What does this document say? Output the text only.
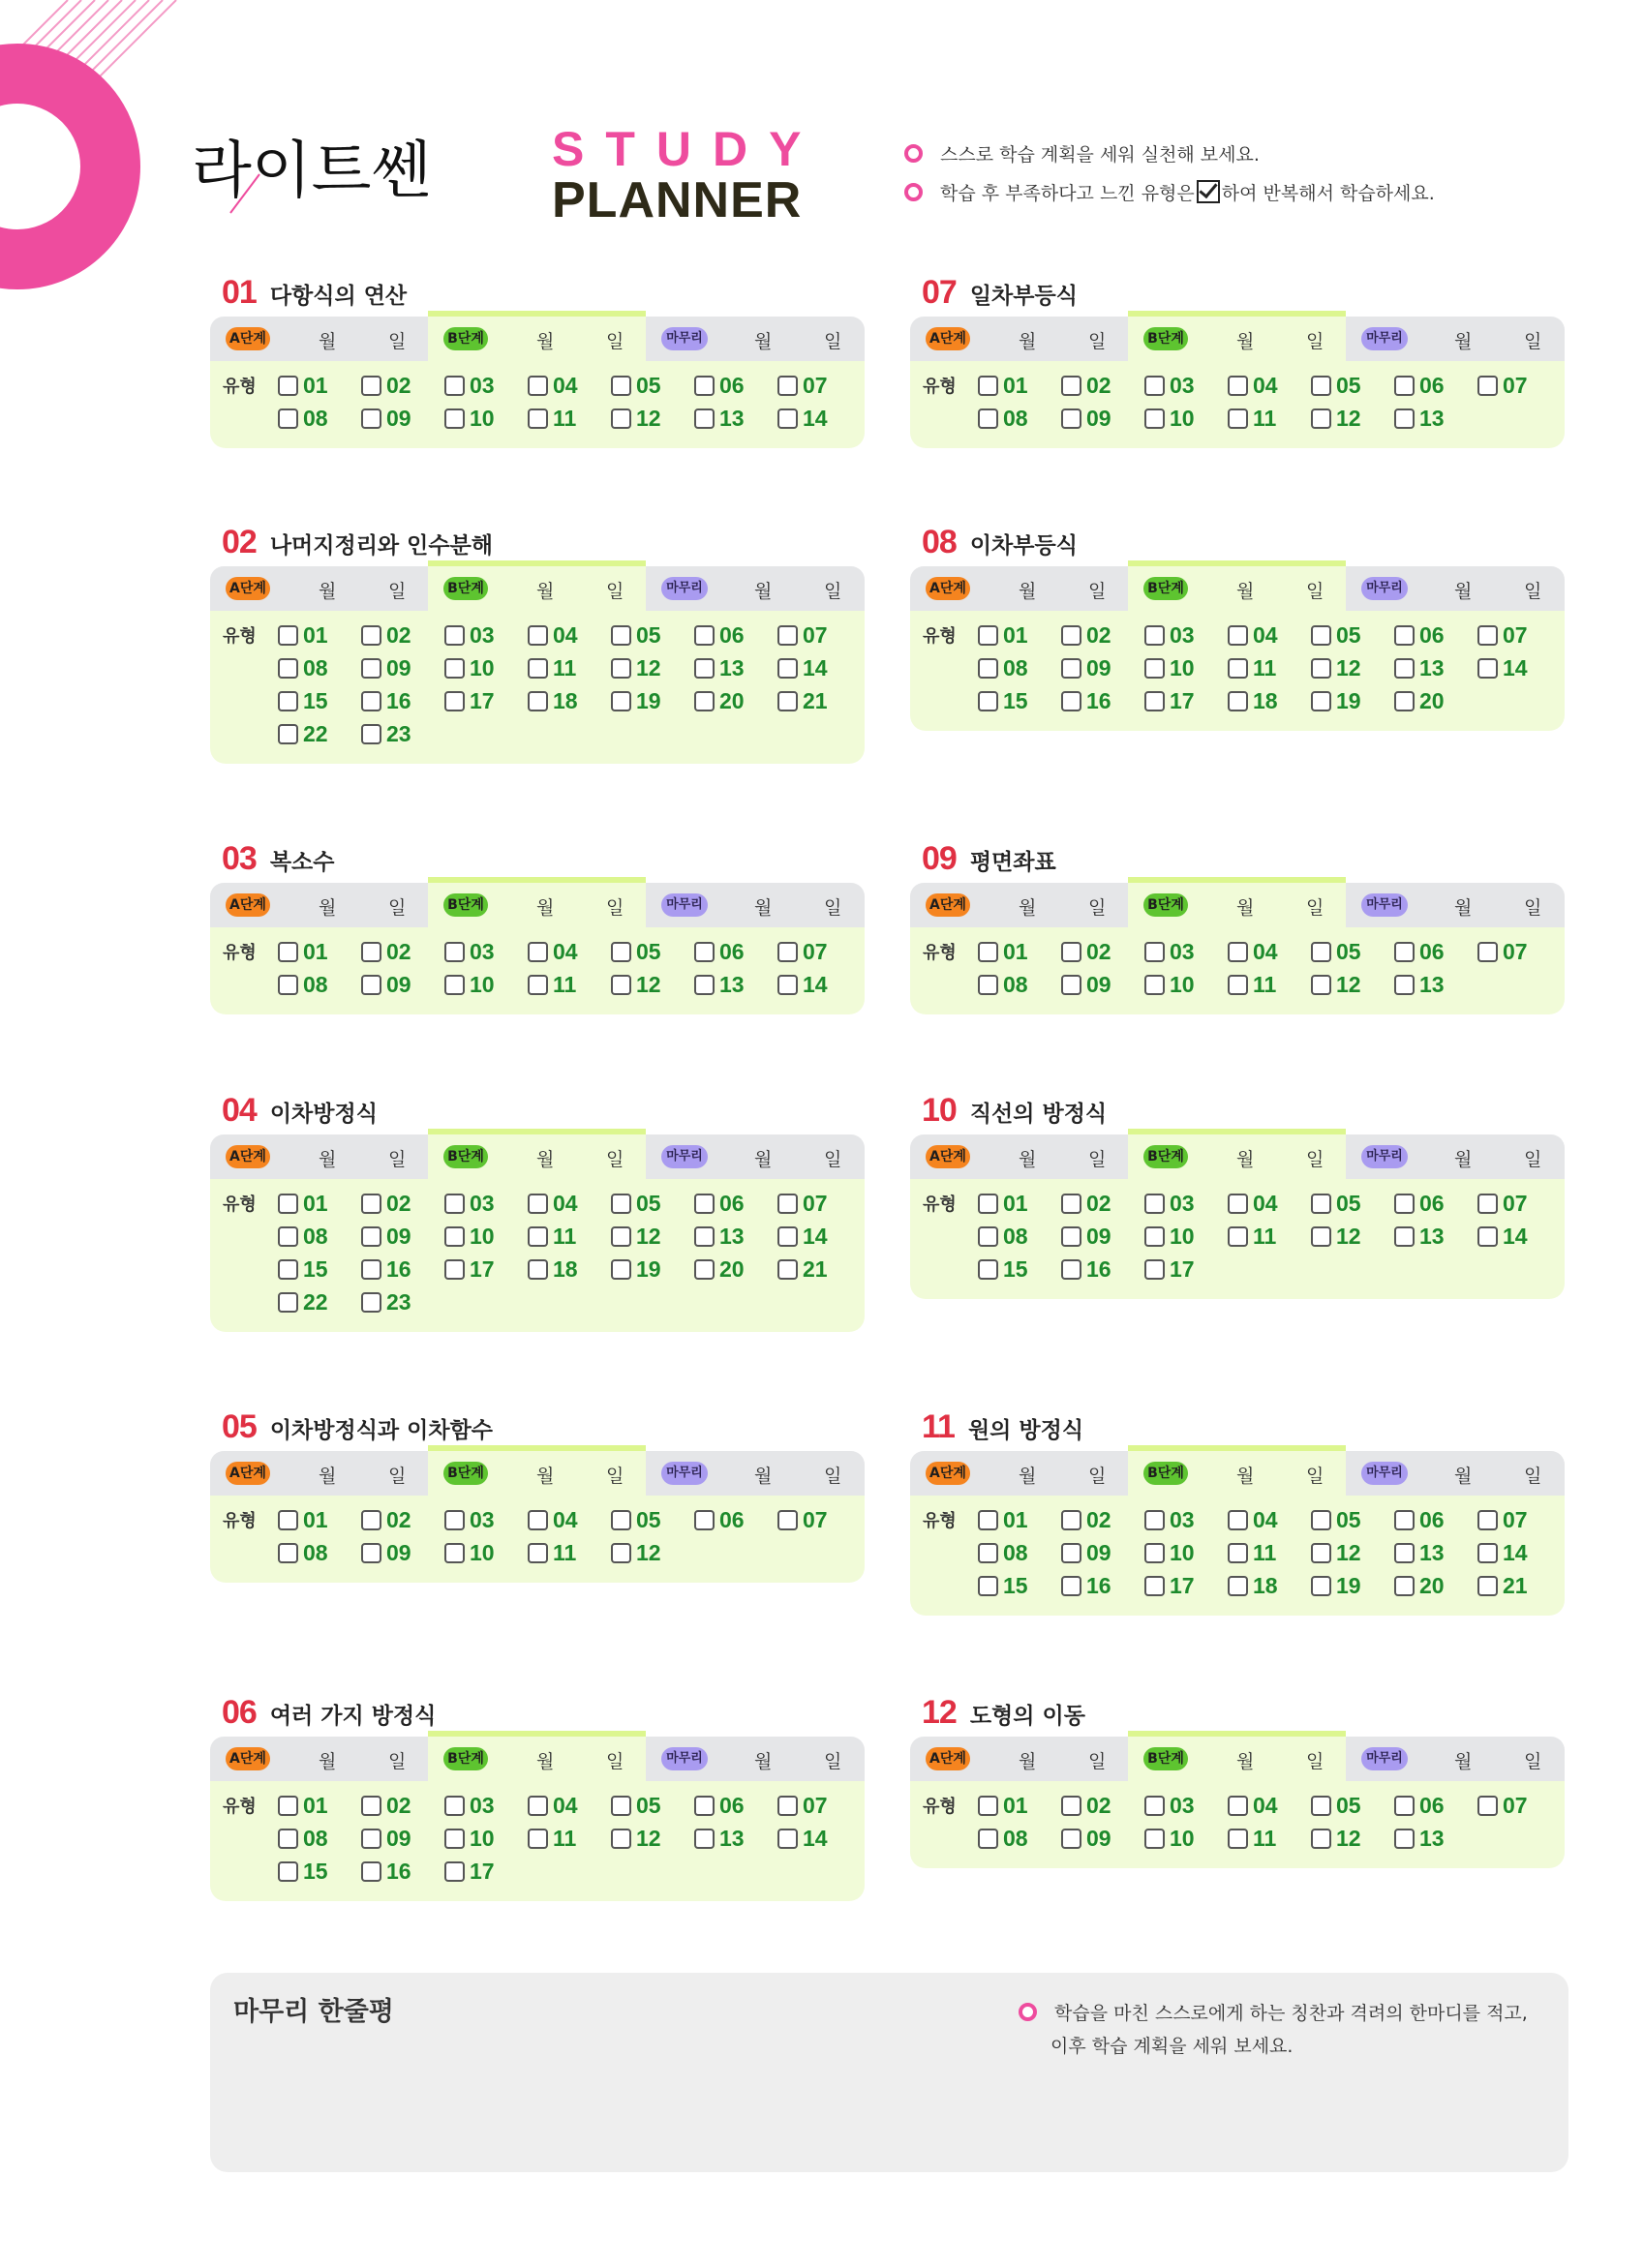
라이트쎈 STUDY
PLANNER
스스로 학습 계획을 세워 실천해 보세요.
학습 후 부족하다고 느낀 유형은 하여 반복해서 학습하세요.
01 다항식의 연산
A단계	월	일	B단계	월	일	마무리	월	일
유형 01	02	03	04	05	06	07
08	09	10	11	12	13	14
07 일차부등식
A단계	월	일	B단계	월	일	마무리	월	일
유형 01	02	03	04	05	06	07
08	09	10	11	12	13
02 나머지정리와 인수분해
A단계	월	일	B단계	월	일	마무리	월	일
유형 01	02	03	04	05	06	07
08	09	10	11	12	13	14
15	16	17	18	19	20	21
22	23
08 이차부등식
A단계	월	일	B단계	월	일	마무리	월	일
유형 01	02	03	04	05	06	07
08	09	10	11	12	13	14
15	16	17	18	19	20
03 복소수
A단계	월	일	B단계	월	일	마무리	월	일
유형 01	02	03	04	05	06	07
08	09	10	11	12	13	14
09 평면좌표
A단계	월	일	B단계	월	일	마무리	월	일
유형 01	02	03	04	05	06	07
08	09	10	11	12	13
04 이차방정식
A단계	월	일	B단계	월	일	마무리	월	일
유형 01	02	03	04	05	06	07
08	09	10	11	12	13	14
15	16	17	18	19	20	21
22	23
10 직선의 방정식
A단계	월	일	B단계	월	일	마무리	월	일
유형 01	02	03	04	05	06	07
08	09	10	11	12	13	14
15	16	17
05 이차방정식과 이차함수
A단계	월	일	B단계	월	일	마무리	월	일
유형 01	02	03	04	05	06	07
08	09	10	11	12
11 원의 방정식
A단계	월	일	B단계	월	일	마무리	월	일
유형 01	02	03	04	05	06	07
08	09	10	11	12	13	14
15	16	17	18	19	20	21
06 여러 가지 방정식
A단계	월	일	B단계	월	일	마무리	월	일
유형 01	02	03	04	05	06	07
08	09	10	11	12	13	14
15	16	17
12 도형의 이동
A단계	월	일	B단계	월	일	마무리	월	일
유형 01	02	03	04	05	06	07
08	09	10	11	12	13
마무리 한줄평	학습을 마친 스스로에게 하는 칭찬과 격려의 한마디를 적고,
이후 학습 계획을 세워 보세요.
